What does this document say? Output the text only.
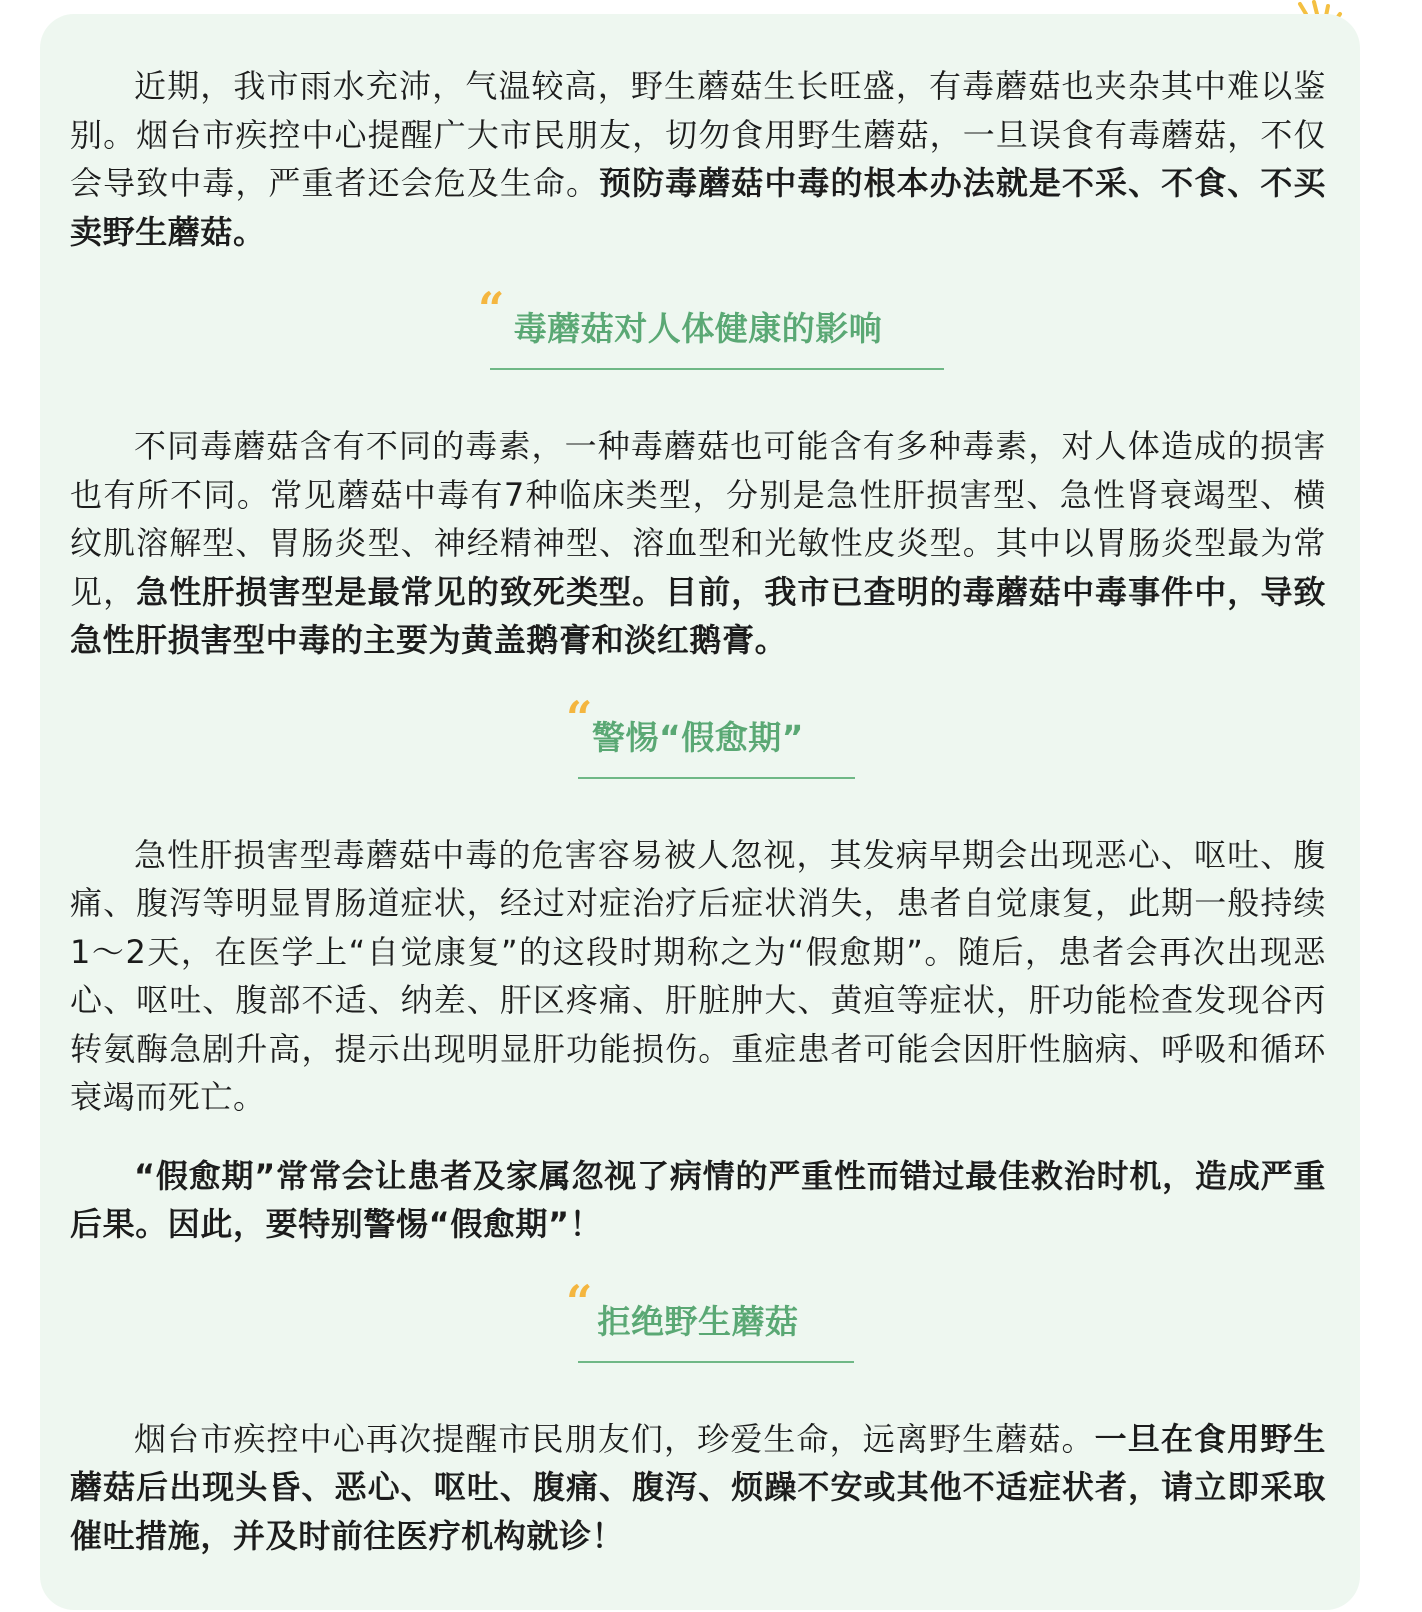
近期，我市雨水充沛，气温较高，野生蘑菇生长旺盛，有毒蘑菇也夹杂其中难以鉴别。烟台市疾控中心提醒广大市民朋友，切勿食用野生蘑菇，一旦误食有毒蘑菇，不仅会导致中毒，严重者还会危及生命。预防毒蘑菇中毒的根本办法就是不采、不食、不买卖野生蘑菇。

“ 毒蘑菇对人体健康的影响

不同毒蘑菇含有不同的毒素，一种毒蘑菇也可能含有多种毒素，对人体造成的损害也有所不同。常见蘑菇中毒有7种临床类型，分别是急性肝损害型、急性肾衰竭型、横纹肌溶解型、胃肠炎型、神经精神型、溶血型和光敏性皮炎型。其中以胃肠炎型最为常见，急性肝损害型是最常见的致死类型。目前，我市已查明的毒蘑菇中毒事件中，导致急性肝损害型中毒的主要为黄盖鹅膏和淡红鹅膏。

“ 警惕“假愈期”

急性肝损害型毒蘑菇中毒的危害容易被人忽视，其发病早期会出现恶心、呕吐、腹痛、腹泻等明显胃肠道症状，经过对症治疗后症状消失，患者自觉康复，此期一般持续1～2天，在医学上“自觉康复”的这段时期称之为“假愈期”。随后，患者会再次出现恶心、呕吐、腹部不适、纳差、肝区疼痛、肝脏肿大、黄疸等症状，肝功能检查发现谷丙转氨酶急剧升高，提示出现明显肝功能损伤。重症患者可能会因肝性脑病、呼吸和循环衰竭而死亡。

“假愈期”常常会让患者及家属忽视了病情的严重性而错过最佳救治时机，造成严重后果。因此，要特别警惕“假愈期”！

“ 拒绝野生蘑菇

烟台市疾控中心再次提醒市民朋友们，珍爱生命，远离野生蘑菇。一旦在食用野生蘑菇后出现头昏、恶心、呕吐、腹痛、腹泻、烦躁不安或其他不适症状者，请立即采取催吐措施，并及时前往医疗机构就诊！
